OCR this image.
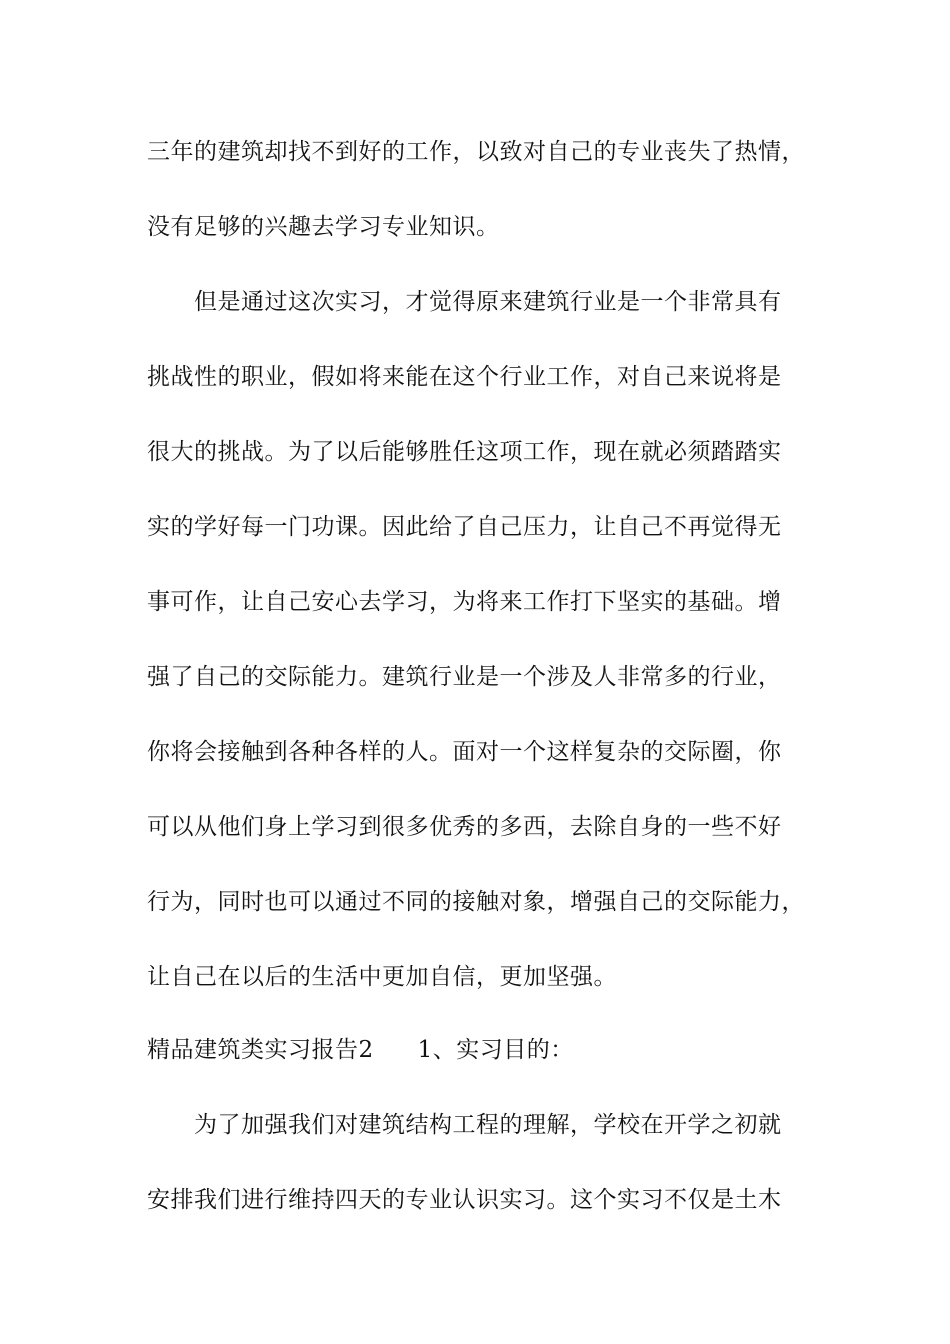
三年的建筑却找不到好的工作，以致对自己的专业丧失了热情，
没有足够的兴趣去学习专业知识。
但是通过这次实习，才觉得原来建筑行业是一个非常具有
挑战性的职业，假如将来能在这个行业工作，对自己来说将是
很大的挑战。为了以后能够胜任这项工作，现在就必须踏踏实
实的学好每一门功课。因此给了自己压力，让自己不再觉得无
事可作，让自己安心去学习，为将来工作打下坚实的基础。增
强了自己的交际能力。建筑行业是一个涉及人非常多的行业，
你将会接触到各种各样的人。面对一个这样复杂的交际圈，你
可以从他们身上学习到很多优秀的多西，去除自身的一些不好
行为，同时也可以通过不同的接触对象，增强自己的交际能力，
让自己在以后的生活中更加自信，更加坚强。
精品建筑类实习报告2 1、实习目的：
为了加强我们对建筑结构工程的理解，学校在开学之初就
安排我们进行维持四天的专业认识实习。这个实习不仅是土木
